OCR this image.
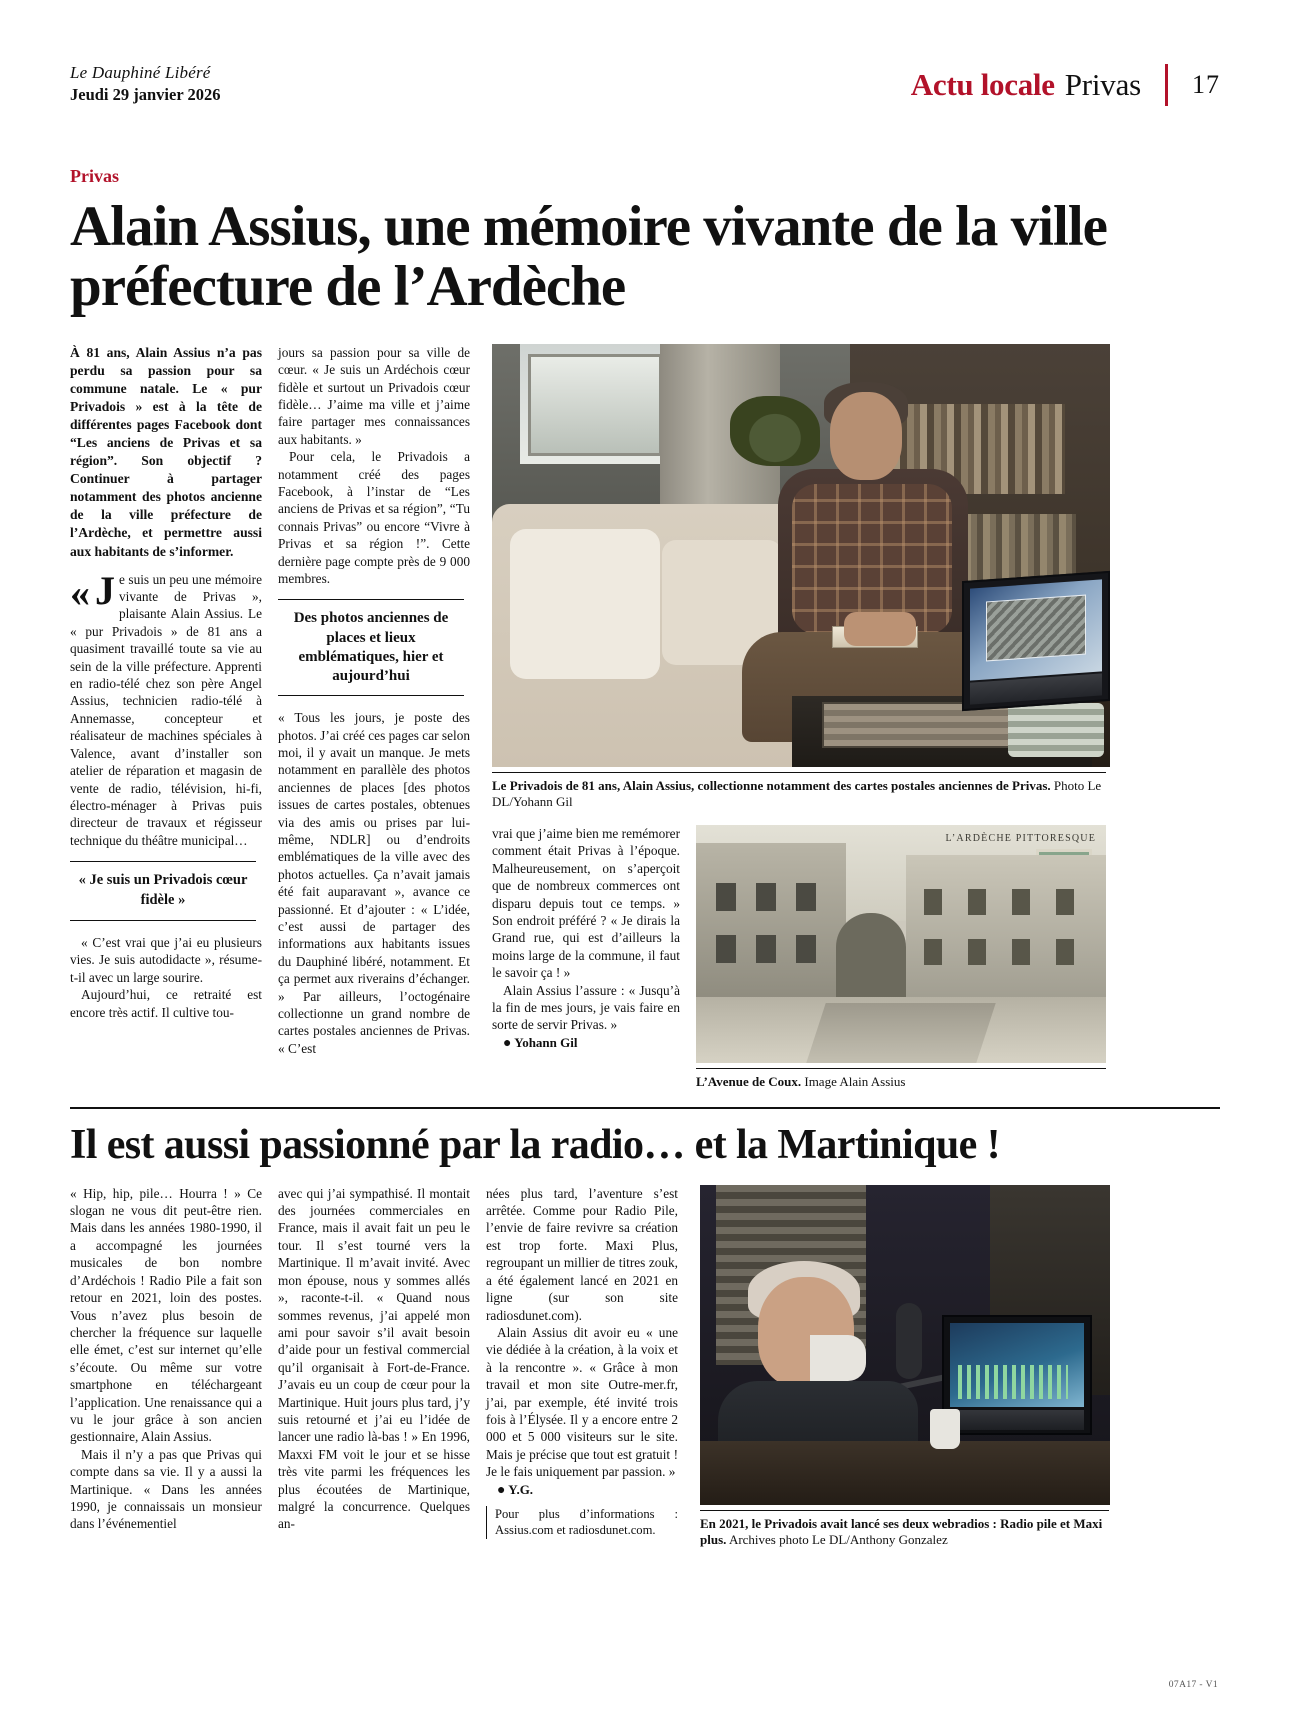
Le Dauphiné Libéré
Jeudi 29 janvier 2026	Actu locale Privas 17
Privas
Alain Assius, une mémoire vivante de la ville préfecture de l’Ardèche

À 81 ans, Alain Assius n’a pas perdu sa passion pour sa commune natale. Le « pur Privadois » est à la tête de différentes pages Facebook dont “Les anciens de Privas et sa région”. Son objectif ? Continuer à partager notamment des photos ancienne de la ville préfecture de l’Ardèche, et permettre aussi aux habitants de s’informer.

« J e suis un peu une mémoire vivante de Privas », plaisante Alain Assius. Le « pur Privadois » de 81 ans a quasiment travaillé toute sa vie au sein de la ville préfecture. Apprenti en radio-télé chez son père Angel Assius, technicien radio-télé à Annemasse, concepteur et réalisateur de machines spéciales à Valence, avant d’installer son atelier de réparation et magasin de vente de radio, télévision, hi-fi, électro-ménager à Privas puis directeur de travaux et régisseur technique du théâtre municipal…

« Je suis un Privadois cœur fidèle »

« C’est vrai que j’ai eu plusieurs vies. Je suis autodidacte », résume-t-il avec un large sourire.

Aujourd’hui, ce retraité est encore très actif. Il cultive tou-

jours sa passion pour sa ville de cœur. « Je suis un Ardéchois cœur fidèle et surtout un Privadois cœur fidèle… J’aime ma ville et j’aime faire partager mes connaissances aux habitants. »

Pour cela, le Privadois a notamment créé des pages Facebook, à l’instar de “Les anciens de Privas et sa région”, “Tu connais Privas” ou encore “Vivre à Privas et sa région !”. Cette dernière page compte près de 9 000 membres.

Des photos anciennes de places et lieux emblématiques, hier et aujourd’hui

« Tous les jours, je poste des photos. J’ai créé ces pages car selon moi, il y avait un manque. Je mets notamment en parallèle des photos anciennes de places [des photos issues de cartes postales, obtenues via des amis ou prises par lui-même, NDLR] ou d’endroits emblématiques de la ville avec des photos actuelles. Ça n’avait jamais été fait auparavant », avance ce passionné. Et d’ajouter : « L’idée, c’est aussi de partager des informations aux habitants issues du Dauphiné libéré, notamment. Et ça permet aux riverains d’échanger. » Par ailleurs, l’octogénaire collectionne un grand nombre de cartes postales anciennes de Privas. « C’est

Le Privadois de 81 ans, Alain Assius, collectionne notamment des cartes postales anciennes de Privas. Photo Le DL/Yohann Gil

vrai que j’aime bien me remémorer comment était Privas à l’époque. Malheureusement, on s’aperçoit que de nombreux commerces ont disparu depuis tout ce temps. » Son endroit préféré ? « Je dirais la Grand rue, qui est d’ailleurs la moins large de la commune, il faut le savoir ça ! »

Alain Assius l’assure : « Jusqu’à la fin de mes jours, je vais faire en sorte de servir Privas. »

● Yohann Gil

L’ARDÈCHE PITTORESQUE
L’Avenue de Coux. Image Alain Assius
Il est aussi passionné par la radio… et la Martinique !

« Hip, hip, pile… Hourra ! » Ce slogan ne vous dit peut-être rien. Mais dans les années 1980-1990, il a accompagné les journées musicales de bon nombre d’Ardéchois ! Radio Pile a fait son retour en 2021, loin des postes. Vous n’avez plus besoin de chercher la fréquence sur laquelle elle émet, c’est sur internet qu’elle s’écoute. Ou même sur votre smartphone en téléchargeant l’application. Une renaissance qui a vu le jour grâce à son ancien gestionnaire, Alain Assius.

Mais il n’y a pas que Privas qui compte dans sa vie. Il y a aussi la Martinique. « Dans les années 1990, je connaissais un monsieur dans l’événementiel

avec qui j’ai sympathisé. Il montait des journées commerciales en France, mais il avait fait un peu le tour. Il s’est tourné vers la Martinique. Il m’avait invité. Avec mon épouse, nous y sommes allés », raconte-t-il. « Quand nous sommes revenus, j’ai appelé mon ami pour savoir s’il avait besoin d’aide pour un festival commercial qu’il organisait à Fort-de-France. J’avais eu un coup de cœur pour la Martinique. Huit jours plus tard, j’y suis retourné et j’ai eu l’idée de lancer une radio là-bas ! » En 1996, Maxxi FM voit le jour et se hisse très vite parmi les fréquences les plus écoutées de Martinique, malgré la concurrence. Quelques an-

nées plus tard, l’aventure s’est arrêtée. Comme pour Radio Pile, l’envie de faire revivre sa création est trop forte. Maxi Plus, regroupant un millier de titres zouk, a été également lancé en 2021 en ligne (sur son site radiosdunet.com).

Alain Assius dit avoir eu « une vie dédiée à la création, à la voix et à la rencontre ». « Grâce à mon travail et mon site Outre-mer.fr, j’ai, par exemple, été invité trois fois à l’Élysée. Il y a encore entre 2 000 et 5 000 visiteurs sur le site. Mais je précise que tout est gratuit ! Je le fais uniquement par passion. »

● Y.G.

Pour plus d’informations : Assius.com et radiosdunet.com.	En 2021, le Privadois avait lancé ses deux webradios : Radio pile et Maxi plus. Archives photo Le DL/Anthony Gonzalez
07A17 - V1
